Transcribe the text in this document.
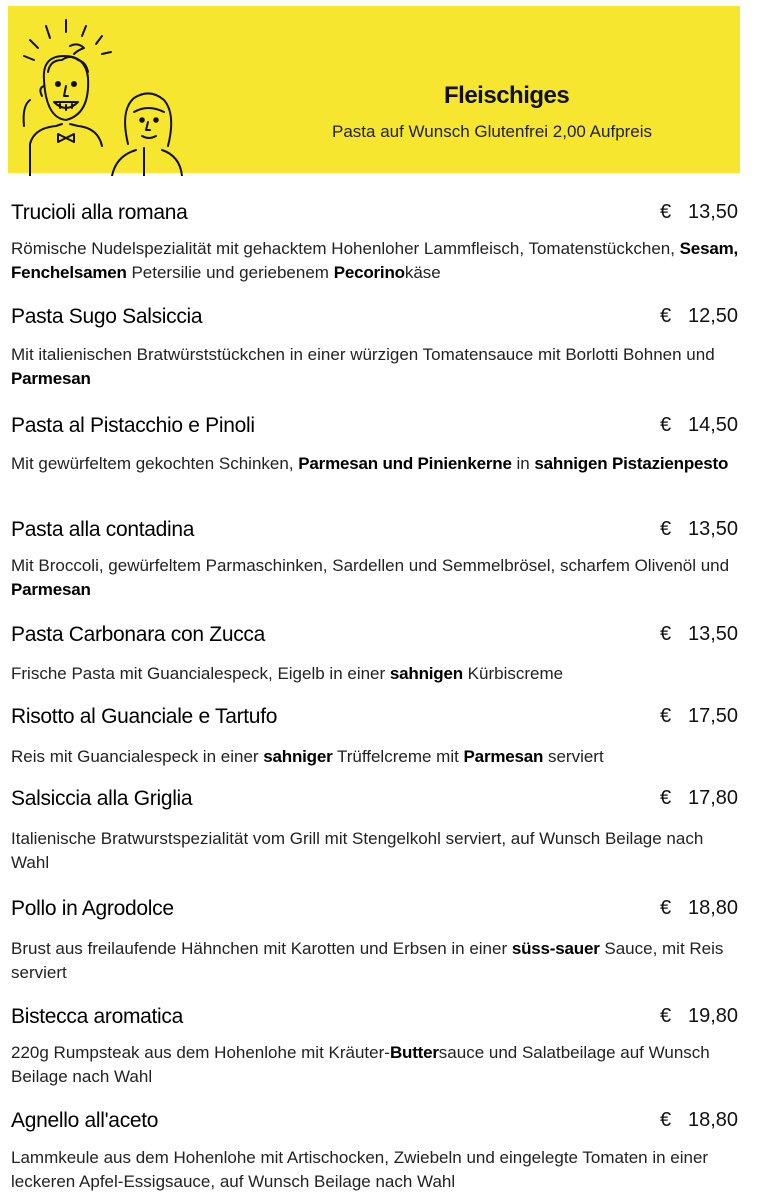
Fleischiges
Pasta auf Wunsch Glutenfrei 2,00 Aufpreis
Trucioli alla romana	€ 13,50
Römische Nudelspezialität mit gehacktem Hohenloher Lammfleisch, Tomatenstückchen, Sesam, Fenchelsamen Petersilie und geriebenem Pecorinokäse
Pasta Sugo Salsiccia	€ 12,50
Mit italienischen Bratwürststückchen in einer würzigen Tomatensauce mit Borlotti Bohnen und Parmesan
Pasta al Pistacchio e Pinoli	€ 14,50
Mit gewürfeltem gekochten Schinken, Parmesan und Pinienkerne in sahnigen Pistazienpesto
Pasta alla contadina	€ 13,50
Mit Broccoli, gewürfeltem Parmaschinken, Sardellen und Semmelbrösel, scharfem Olivenöl und Parmesan
Pasta Carbonara con Zucca	€ 13,50
Frische Pasta mit Guancialespeck, Eigelb in einer sahnigen Kürbiscreme
Risotto al Guanciale e Tartufo	€ 17,50
Reis mit Guancialespeck in einer sahniger Trüffelcreme mit Parmesan serviert
Salsiccia alla Griglia	€ 17,80
Italienische Bratwurstspezialität vom Grill mit Stengelkohl serviert, auf Wunsch Beilage nach Wahl
Pollo in Agrodolce	€ 18,80
Brust aus freilaufende Hähnchen mit Karotten und Erbsen in einer süss-sauer Sauce, mit Reis serviert
Bistecca aromatica	€ 19,80
220g Rumpsteak aus dem Hohenlohe mit Kräuter-Buttersauce und Salatbeilage auf Wunsch Beilage nach Wahl
Agnello all'aceto	€ 18,80
Lammkeule aus dem Hohenlohe mit Artischocken, Zwiebeln und eingelegte Tomaten in einer leckeren Apfel-Essigsauce, auf Wunsch Beilage nach Wahl
